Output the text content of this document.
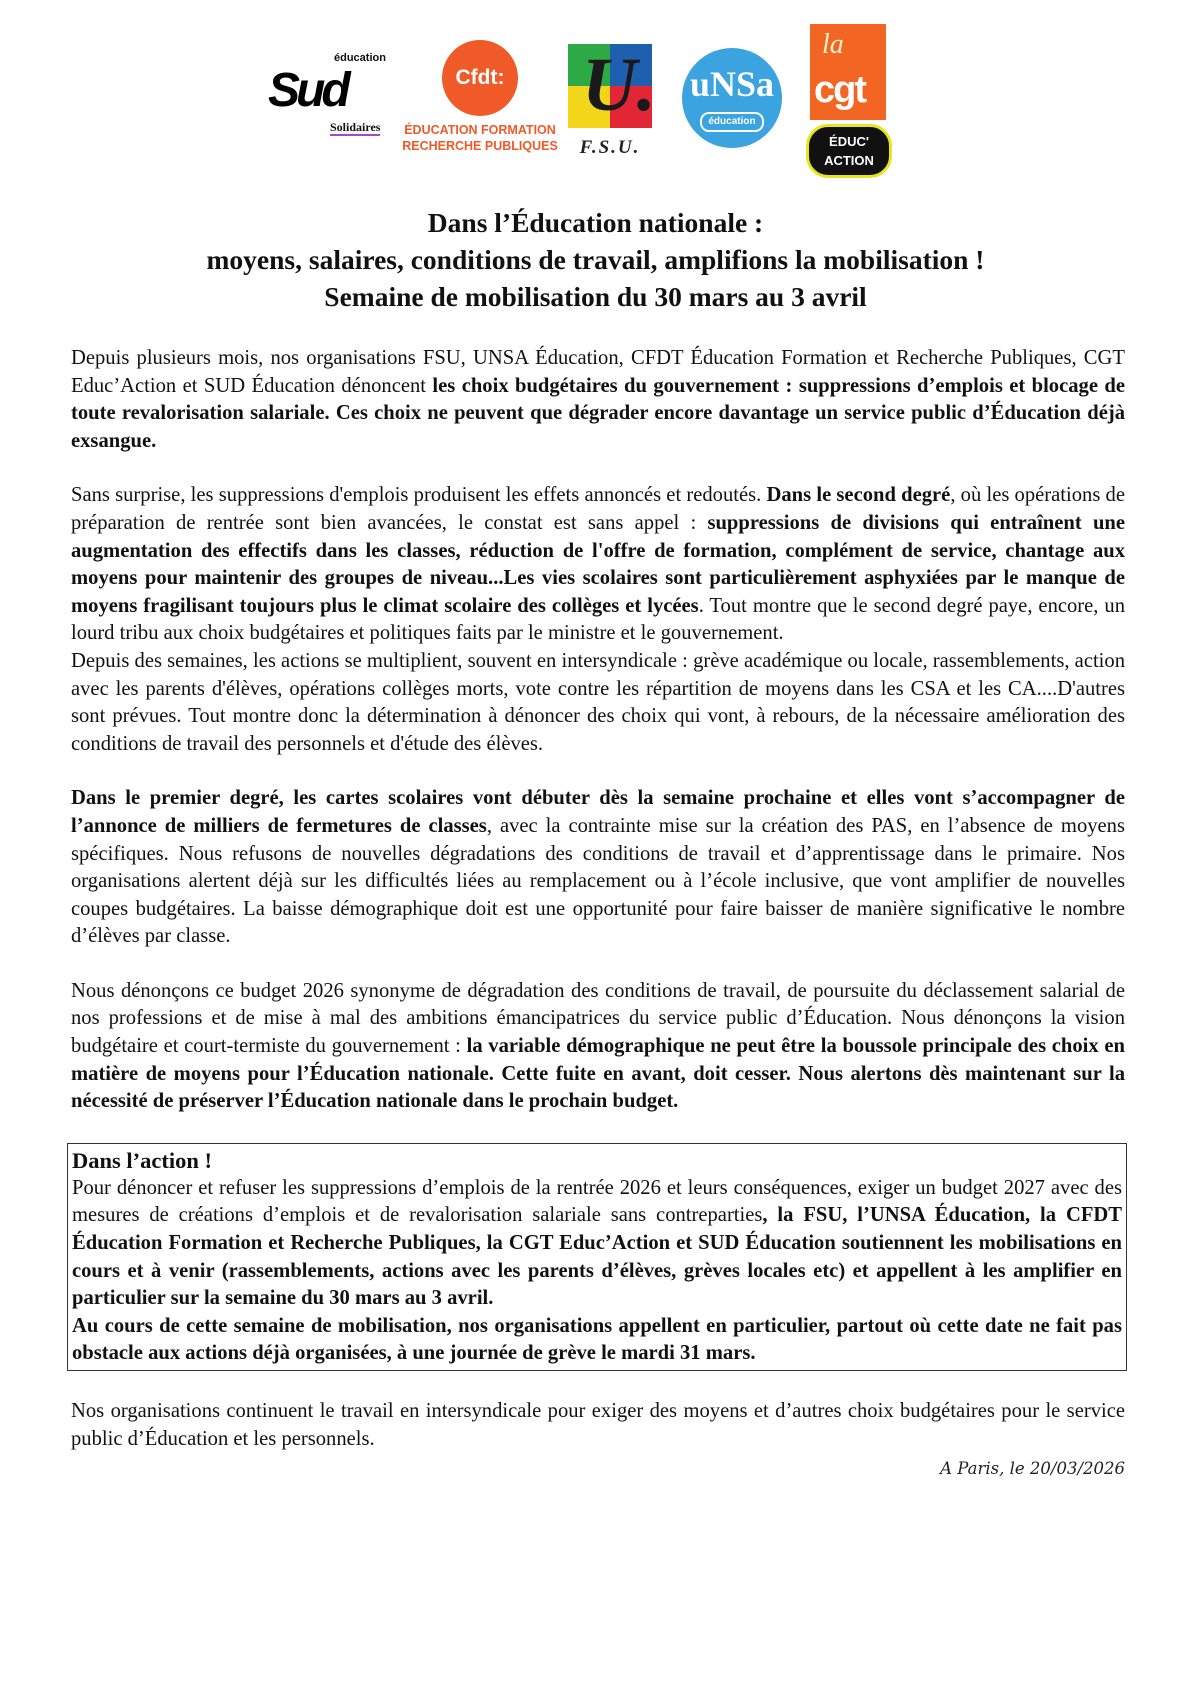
éducation
Sud
Solidaires
Cfdt:
ÉDUCATION FORMATION
RECHERCHE PUBLIQUES
U.
F.S.U.
uNSa
éducation
la
cgt
ÉDUC'
ACTION
Dans l’Éducation nationale :
moyens, salaires, conditions de travail, amplifions la mobilisation !
Semaine de mobilisation du 30 mars au 3 avril

Depuis plusieurs mois, nos organisations FSU, UNSA Éducation, CFDT Éducation Formation et Recherche Publiques, CGT Educ’Action et SUD Éducation dénoncent les choix budgétaires du gouvernement : suppressions d’emplois et blocage de toute revalorisation salariale. Ces choix ne peuvent que dégrader encore davantage un service public d’Éducation déjà exsangue.

Sans surprise, les suppressions d'emplois produisent les effets annoncés et redoutés. Dans le second degré, où les opérations de préparation de rentrée sont bien avancées, le constat est sans appel : suppressions de divisions qui entraînent une augmentation des effectifs dans les classes, réduction de l'offre de formation, complément de service, chantage aux moyens pour maintenir des groupes de niveau...Les vies scolaires sont particulièrement asphyxiées par le manque de moyens fragilisant toujours plus le climat scolaire des collèges et lycées. Tout montre que le second degré paye, encore, un lourd tribu aux choix budgétaires et politiques faits par le ministre et le gouvernement.

Depuis des semaines, les actions se multiplient, souvent en intersyndicale : grève académique ou locale, rassemblements, action avec les parents d'élèves, opérations collèges morts, vote contre les répartition de moyens dans les CSA et les CA....D'autres sont prévues. Tout montre donc la détermination à dénoncer des choix qui vont, à rebours, de la nécessaire amélioration des conditions de travail des personnels et d'étude des élèves.

Dans le premier degré, les cartes scolaires vont débuter dès la semaine prochaine et elles vont s’accompagner de l’annonce de milliers de fermetures de classes, avec la contrainte mise sur la création des PAS, en l’absence de moyens spécifiques. Nous refusons de nouvelles dégradations des conditions de travail et d’apprentissage dans le primaire. Nos organisations alertent déjà sur les difficultés liées au remplacement ou à l’école inclusive, que vont amplifier de nouvelles coupes budgétaires. La baisse démographique doit est une opportunité pour faire baisser de manière significative le nombre d’élèves par classe.

Nous dénonçons ce budget 2026 synonyme de dégradation des conditions de travail, de poursuite du déclassement salarial de nos professions et de mise à mal des ambitions émancipatrices du service public d’Éducation. Nous dénonçons la vision budgétaire et court-termiste du gouvernement : la variable démographique ne peut être la boussole principale des choix en matière de moyens pour l’Éducation nationale. Cette fuite en avant, doit cesser. Nous alertons dès maintenant sur la nécessité de préserver l’Éducation nationale dans le prochain budget.

Dans l’action !

Pour dénoncer et refuser les suppressions d’emplois de la rentrée 2026 et leurs conséquences, exiger un budget 2027 avec des mesures de créations d’emplois et de revalorisation salariale sans contreparties, la FSU, l’UNSA Éducation, la CFDT Éducation Formation et Recherche Publiques, la CGT Educ’Action et SUD Éducation soutiennent les mobilisations en cours et à venir (rassemblements, actions avec les parents d’élèves, grèves locales etc) et appellent à les amplifier en particulier sur la semaine du 30 mars au 3 avril.

Au cours de cette semaine de mobilisation, nos organisations appellent en particulier, partout où cette date ne fait pas obstacle aux actions déjà organisées, à une journée de grève le mardi 31 mars.

Nos organisations continuent le travail en intersyndicale pour exiger des moyens et d’autres choix budgétaires pour le service public d’Éducation et les personnels.

A Paris, le 20/03/2026
